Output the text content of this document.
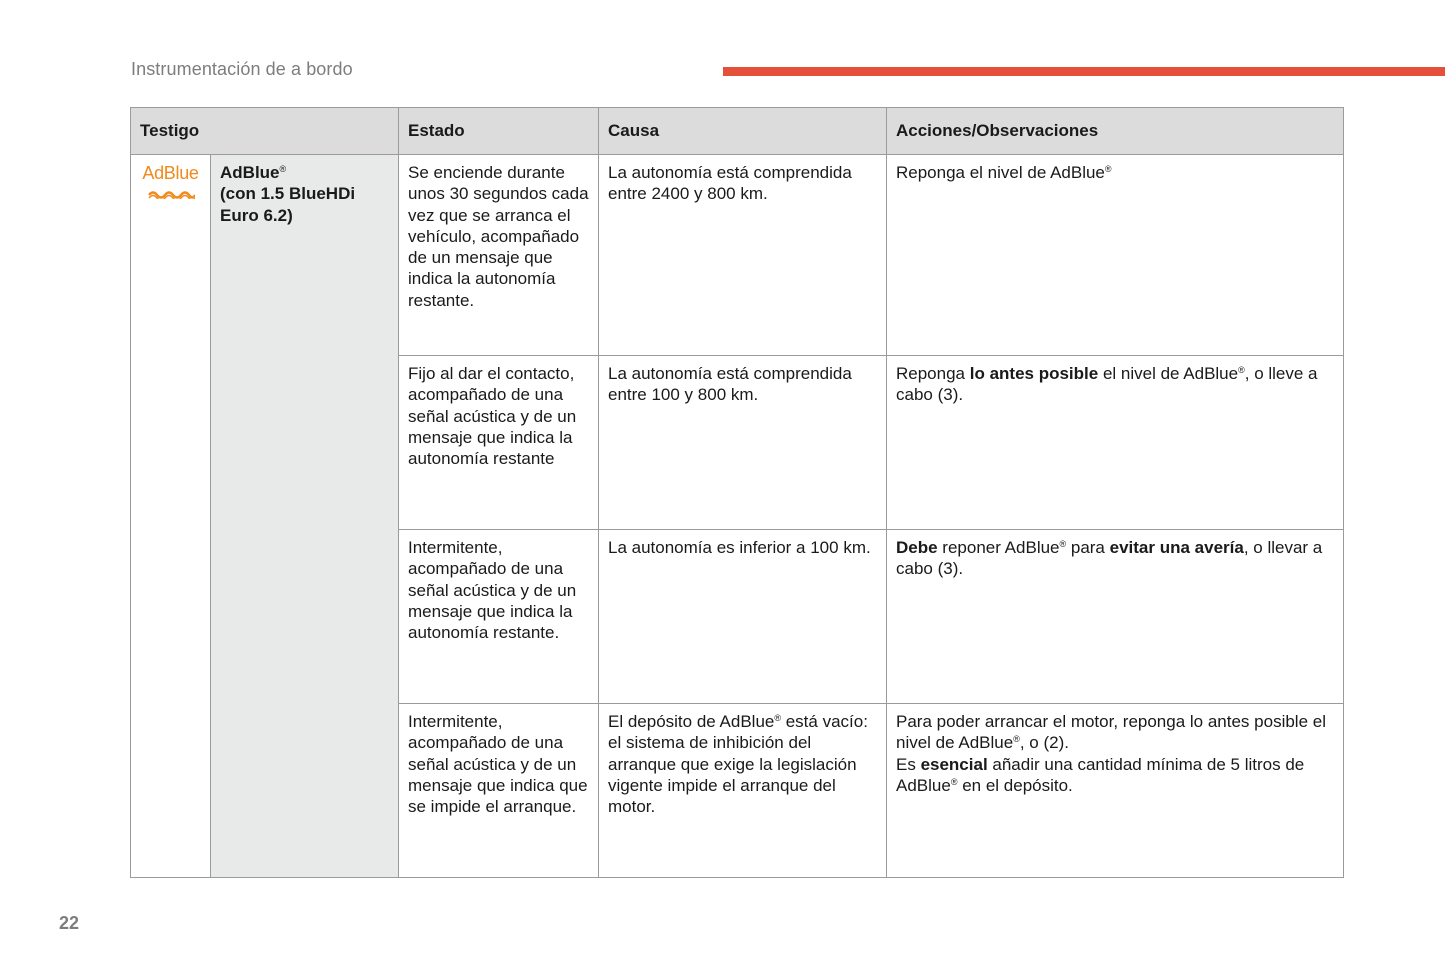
Instrumentación de a bordo
Testigo		Estado	Causa	Acciones/Observaciones

AdBlue	AdBlue®
(con 1.5 BlueHDi
Euro 6.2)	Se enciende durante unos 30 segundos cada vez que se arranca el vehículo, acompañado de un mensaje que indica la autonomía restante.	La autonomía está comprendida entre 2400 y 800 km.	Reponga el nivel de AdBlue®
		Fijo al dar el contacto, acompañado de una señal acústica y de un mensaje que indica la autonomía restante	La autonomía está comprendida entre 100 y 800 km.	Reponga lo antes posible el nivel de AdBlue®, o lleve a cabo (3).
		Intermitente, acompañado de una señal acústica y de un mensaje que indica la autonomía restante.	La autonomía es inferior a 100 km.	Debe reponer AdBlue® para evitar una avería, o llevar a cabo (3).
		Intermitente, acompañado de una señal acústica y de un mensaje que indica que se impide el arranque.	El depósito de AdBlue® está vacío: el sistema de inhibición del arranque que exige la legislación vigente impide el arranque del motor.	Para poder arrancar el motor, reponga lo antes posible el nivel de AdBlue®, o (2).
Es esencial añadir una cantidad mínima de 5 litros de AdBlue® en el depósito.
22
